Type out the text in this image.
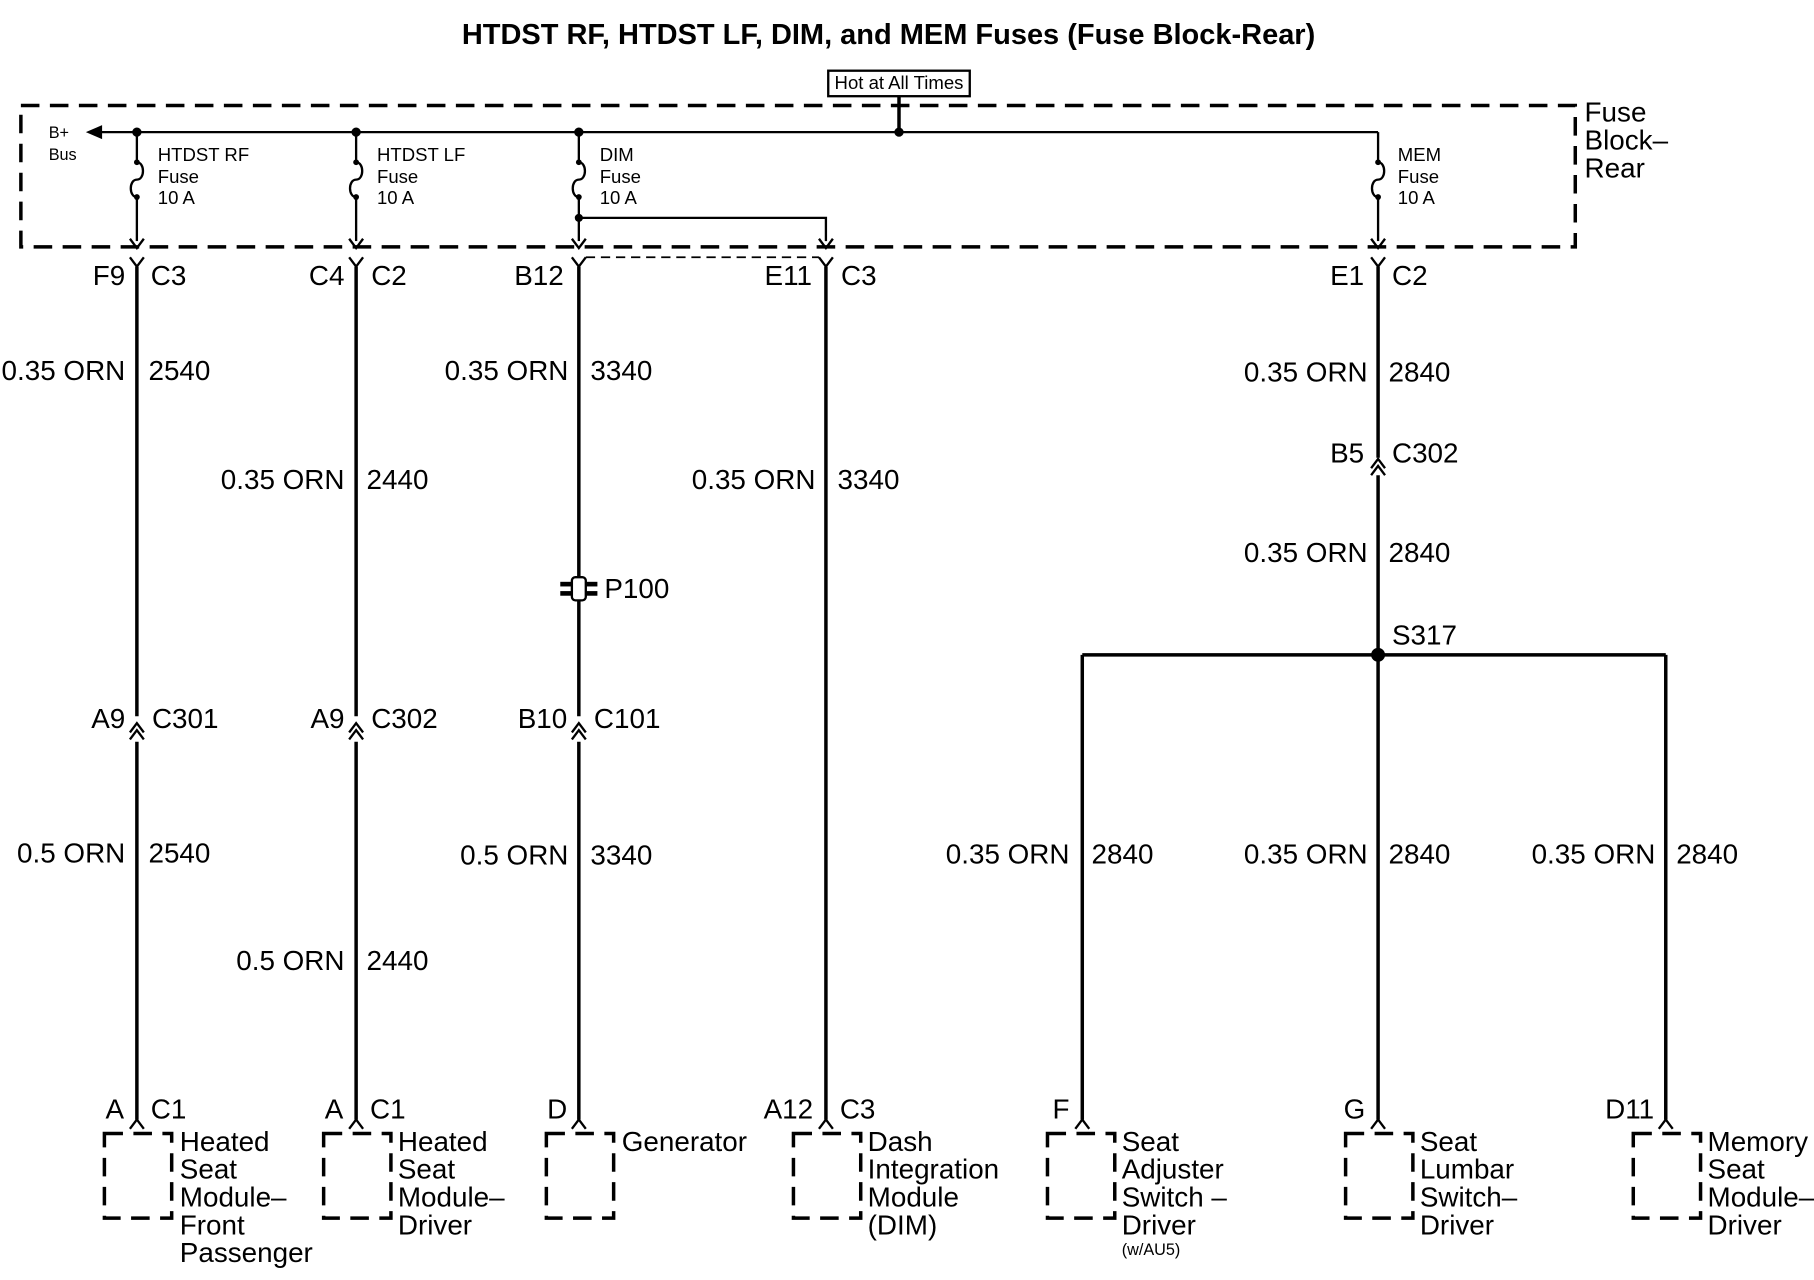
HTDST RF, HTDST LF, DIM, and MEM Fuses (Fuse Block-Rear)
Hot at All Times
Fuse
Block–
Rear
B+
Bus	HTDST RF
Fuse
10 A
HTDST LF
Fuse
10 A
DIM
Fuse
10 A
MEM
Fuse
10 A
F9 C3	C4 C2	B12	E11 C3	E1 C2
P100
S317
A9 C301	A9 C302	B10 C101
B5 C302
0.35 ORN 2540
0.35 ORN 2440
0.35 ORN 3340
0.35 ORN 3340
0.35 ORN 2840
0.35 ORN 2840
0.5 ORN 2540
0.5 ORN 2440
0.5 ORN 3340	0.35 ORN 2840	0.35 ORN 2840	0.35 ORN 2840
A C1	A C1	D	A12 C3	F	G	D11
Heated
Seat
Module–
Front
Passenger
Heated
Seat
Module–
Driver
Generator	Dash
Integration
Module
(DIM)
Seat
Adjuster
Switch –
Driver
(w/AU5)
Seat
Lumbar
Switch–
Driver
Memory
Seat
Module–
Driver
